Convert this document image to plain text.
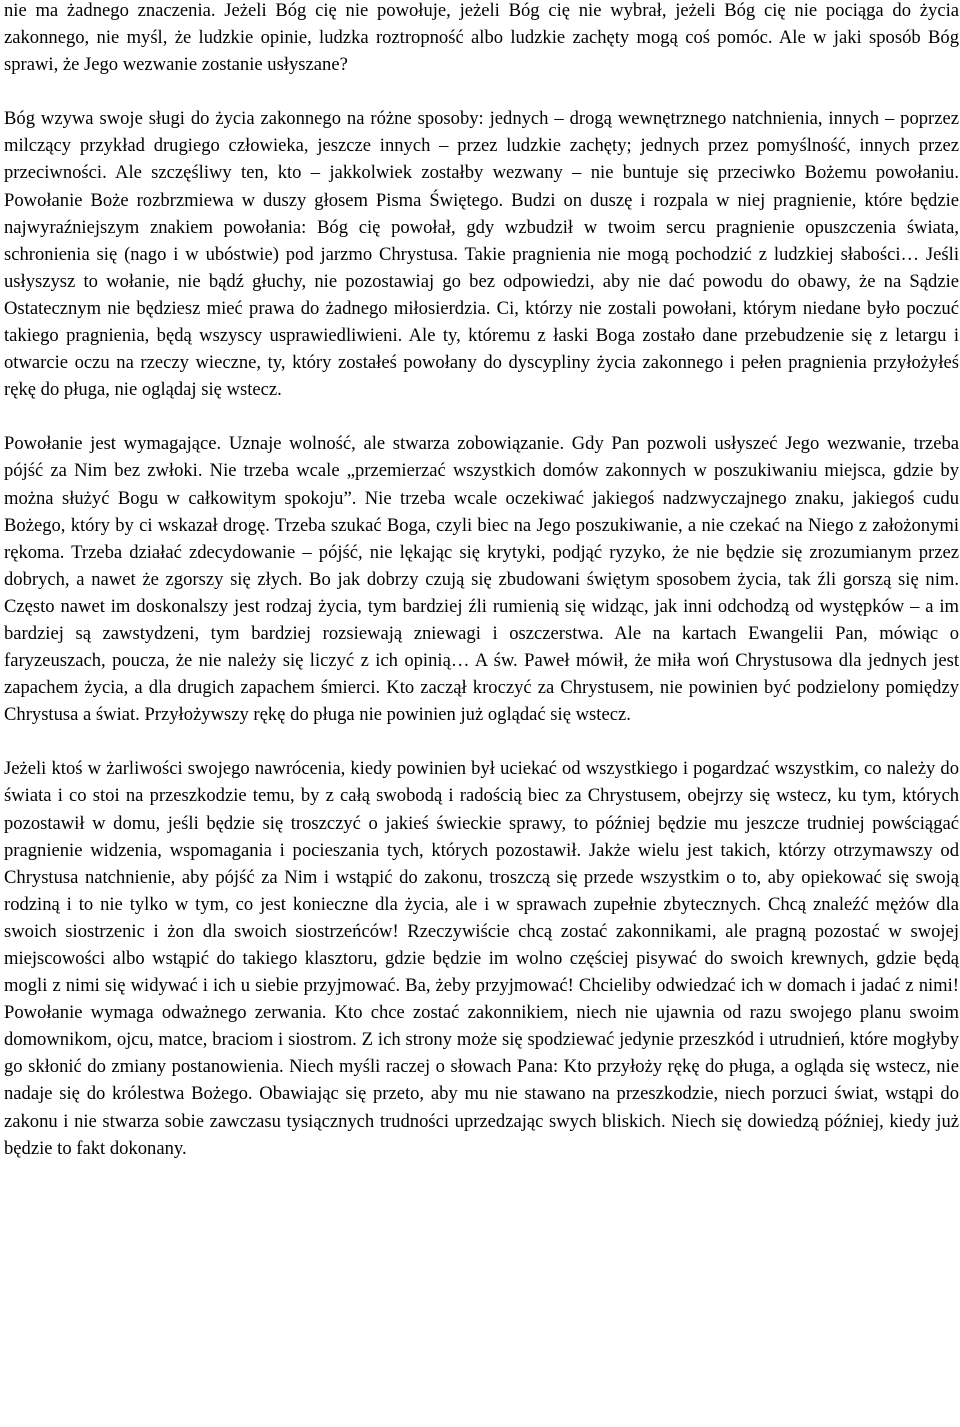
nie ma żadnego znaczenia. Jeżeli Bóg cię nie powołuje, jeżeli Bóg cię nie wybrał, jeżeli Bóg cię nie pociąga do życia zakonnego, nie myśl, że ludzkie opinie, ludzka roztropność albo ludzkie zachęty mogą coś pomóc. Ale w jaki sposób Bóg sprawi, że Jego wezwanie zostanie usłyszane?

Bóg wzywa swoje sługi do życia zakonnego na różne sposoby: jednych – drogą wewnętrznego natchnienia, innych – poprzez milczący przykład drugiego człowieka, jeszcze innych – przez ludzkie zachęty; jednych przez pomyślność, innych przez przeciwności. Ale szczęśliwy ten, kto – jakkolwiek zostałby wezwany – nie buntuje się przeciwko Bożemu powołaniu. Powołanie Boże rozbrzmiewa w duszy głosem Pisma Świętego. Budzi on duszę i rozpala w niej pragnienie, które będzie najwyraźniejszym znakiem powołania: Bóg cię powołał, gdy wzbudził w twoim sercu pragnienie opuszczenia świata, schronienia się (nago i w ubóstwie) pod jarzmo Chrystusa. Takie pragnienia nie mogą pochodzić z ludzkiej słabości… Jeśli usłyszysz to wołanie, nie bądź głuchy, nie pozostawiaj go bez odpowiedzi, aby nie dać powodu do obawy, że na Sądzie Ostatecznym nie będziesz mieć prawa do żadnego miłosierdzia. Ci, którzy nie zostali powołani, którym niedane było poczuć takiego pragnienia, będą wszyscy usprawiedliwieni. Ale ty, któremu z łaski Boga zostało dane przebudzenie się z letargu i otwarcie oczu na rzeczy wieczne, ty, który zostałeś powołany do dyscypliny życia zakonnego i pełen pragnienia przyłożyłeś rękę do pługa, nie oglądaj się wstecz.

Powołanie jest wymagające. Uznaje wolność, ale stwarza zobowiązanie. Gdy Pan pozwoli usłyszeć Jego wezwanie, trzeba pójść za Nim bez zwłoki. Nie trzeba wcale „przemierzać wszystkich domów zakonnych w poszukiwaniu miejsca, gdzie by można służyć Bogu w całkowitym spokoju”. Nie trzeba wcale oczekiwać jakiegoś nadzwyczajnego znaku, jakiegoś cudu Bożego, który by ci wskazał drogę. Trzeba szukać Boga, czyli biec na Jego poszukiwanie, a nie czekać na Niego z założonymi rękoma. Trzeba działać zdecydowanie – pójść, nie lękając się krytyki, podjąć ryzyko, że nie będzie się zrozumianym przez dobrych, a nawet że zgorszy się złych. Bo jak dobrzy czują się zbudowani świętym sposobem życia, tak źli gorszą się nim. Często nawet im doskonalszy jest rodzaj życia, tym bardziej źli rumienią się widząc, jak inni odchodzą od występków – a im bardziej są zawstydzeni, tym bardziej rozsiewają zniewagi i oszczerstwa. Ale na kartach Ewangelii Pan, mówiąc o faryzeuszach, poucza, że nie należy się liczyć z ich opinią… A św. Paweł mówił, że miła woń Chrystusowa dla jednych jest zapachem życia, a dla drugich zapachem śmierci. Kto zaczął kroczyć za Chrystusem, nie powinien być podzielony pomiędzy Chrystusa a świat. Przyłożywszy rękę do pługa nie powinien już oglądać się wstecz.

Jeżeli ktoś w żarliwości swojego nawrócenia, kiedy powinien był uciekać od wszystkiego i pogardzać wszystkim, co należy do świata i co stoi na przeszkodzie temu, by z całą swobodą i radością biec za Chrystusem, obejrzy się wstecz, ku tym, których pozostawił w domu, jeśli będzie się troszczyć o jakieś świeckie sprawy, to później będzie mu jeszcze trudniej powściągać pragnienie widzenia, wspomagania i pocieszania tych, których pozostawił. Jakże wielu jest takich, którzy otrzymawszy od Chrystusa natchnienie, aby pójść za Nim i wstąpić do zakonu, troszczą się przede wszystkim o to, aby opiekować się swoją rodziną i to nie tylko w tym, co jest konieczne dla życia, ale i w sprawach zupełnie zbytecznych. Chcą znaleźć mężów dla swoich siostrzenic i żon dla swoich siostrzeńców! Rzeczywiście chcą zostać zakonnikami, ale pragną pozostać w swojej miejscowości albo wstąpić do takiego klasztoru, gdzie będzie im wolno częściej pisywać do swoich krewnych, gdzie będą mogli z nimi się widywać i ich u siebie przyjmować. Ba, żeby przyjmować! Chcieliby odwiedzać ich w domach i jadać z nimi! Powołanie wymaga odważnego zerwania. Kto chce zostać zakonnikiem, niech nie ujawnia od razu swojego planu swoim domownikom, ojcu, matce, braciom i siostrom. Z ich strony może się spodziewać jedynie przeszkód i utrudnień, które mogłyby go skłonić do zmiany postanowienia. Niech myśli raczej o słowach Pana: Kto przyłoży rękę do pługa, a ogląda się wstecz, nie nadaje się do królestwa Bożego. Obawiając się przeto, aby mu nie stawano na przeszkodzie, niech porzuci świat, wstąpi do zakonu i nie stwarza sobie zawczasu tysiącznych trudności uprzedzając swych bliskich. Niech się dowiedzą później, kiedy już będzie to fakt dokonany.
